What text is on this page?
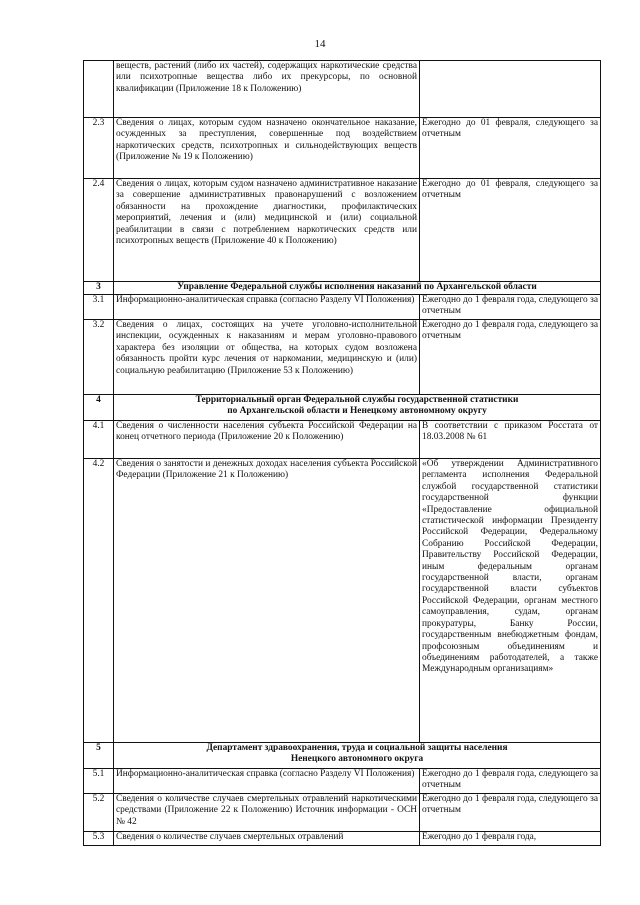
14
	веществ, растений (либо их частей), содержащих наркотические средства или психотропные вещества либо их прекурсоры, по основной квалификации (Приложение 18 к Положению)	
2.3	Сведения о лицах, которым судом назначено окончательное наказание, осужденных за преступления, совершенные под воздействием наркотических средств, психотропных и сильнодействующих веществ (Приложение № 19 к Положению)	Ежегодно до 01 февраля, следующего за отчетным
2.4	Сведения о лицах, которым судом назначено административное наказание за совершение административных правонарушений с возложением обязанности на прохождение диагностики, профилактических мероприятий, лечения и (или) медицинской и (или) социальной реабилитации в связи с потреблением наркотических средств или психотропных веществ (Приложение 40 к Положению)	Ежегодно до 01 февраля, следующего за отчетным
3	Управление Федеральной службы исполнения наказаний по Архангельской области	
3.1	Информационно-аналитическая справка (согласно Разделу VI Положения)	Ежегодно до 1 февраля года, следующего за отчетным
3.2	Сведения о лицах, состоящих на учете уголовно-исполнительной инспекции, осужденных к наказаниям и мерам уголовно-правового характера без изоляции от общества, на которых судом возложена обязанность пройти курс лечения от наркомании, медицинскую и (или) социальную реабилитацию (Приложение 53 к Положению)	Ежегодно до 1 февраля года, следующего за отчетным
4	Территориальный орган Федеральной службы государственной статистики
по Архангельской области и Ненецкому автономному округу	

4.1	Сведения о численности населения субъекта Российской Федерации на конец отчетного периода (Приложение 20 к Положению)	В соответствии с приказом Росстата от 18.03.2008 № 61
4.2	Сведения о занятости и денежных доходах населения субъекта Российской Федерации (Приложение 21 к Положению)	«Об утверждении Административного регламента исполнения Федеральной службой государственной статистики государственной функции «Предоставление официальной статистической информации Президенту Российской Федерации, Федеральному Собранию Российской Федерации, Правительству Российской Федерации, иным федеральным органам государственной власти, органам государственной власти субъектов Российской Федерации, органам местного самоуправления, судам, органам прокуратуры, Банку России, государственным внебюджетным фондам, профсоюзным объединениям и объединениям работодателей, а также Международным организациям»
5	Департамент здравоохранения, труда и социальной защиты населения
Ненецкого автономного округа	

5.1	Информационно-аналитическая справка (согласно Разделу VI Положения)	Ежегодно до 1 февраля года, следующего за отчетным
5.2	Сведения о количестве случаев смертельных отравлений наркотическими средствами (Приложение 22 к Положению) Источник информации - ОСН № 42	Ежегодно до 1 февраля года, следующего за отчетным
5.3	Сведения о количестве случаев смертельных отравлений	Ежегодно до 1 февраля года,
